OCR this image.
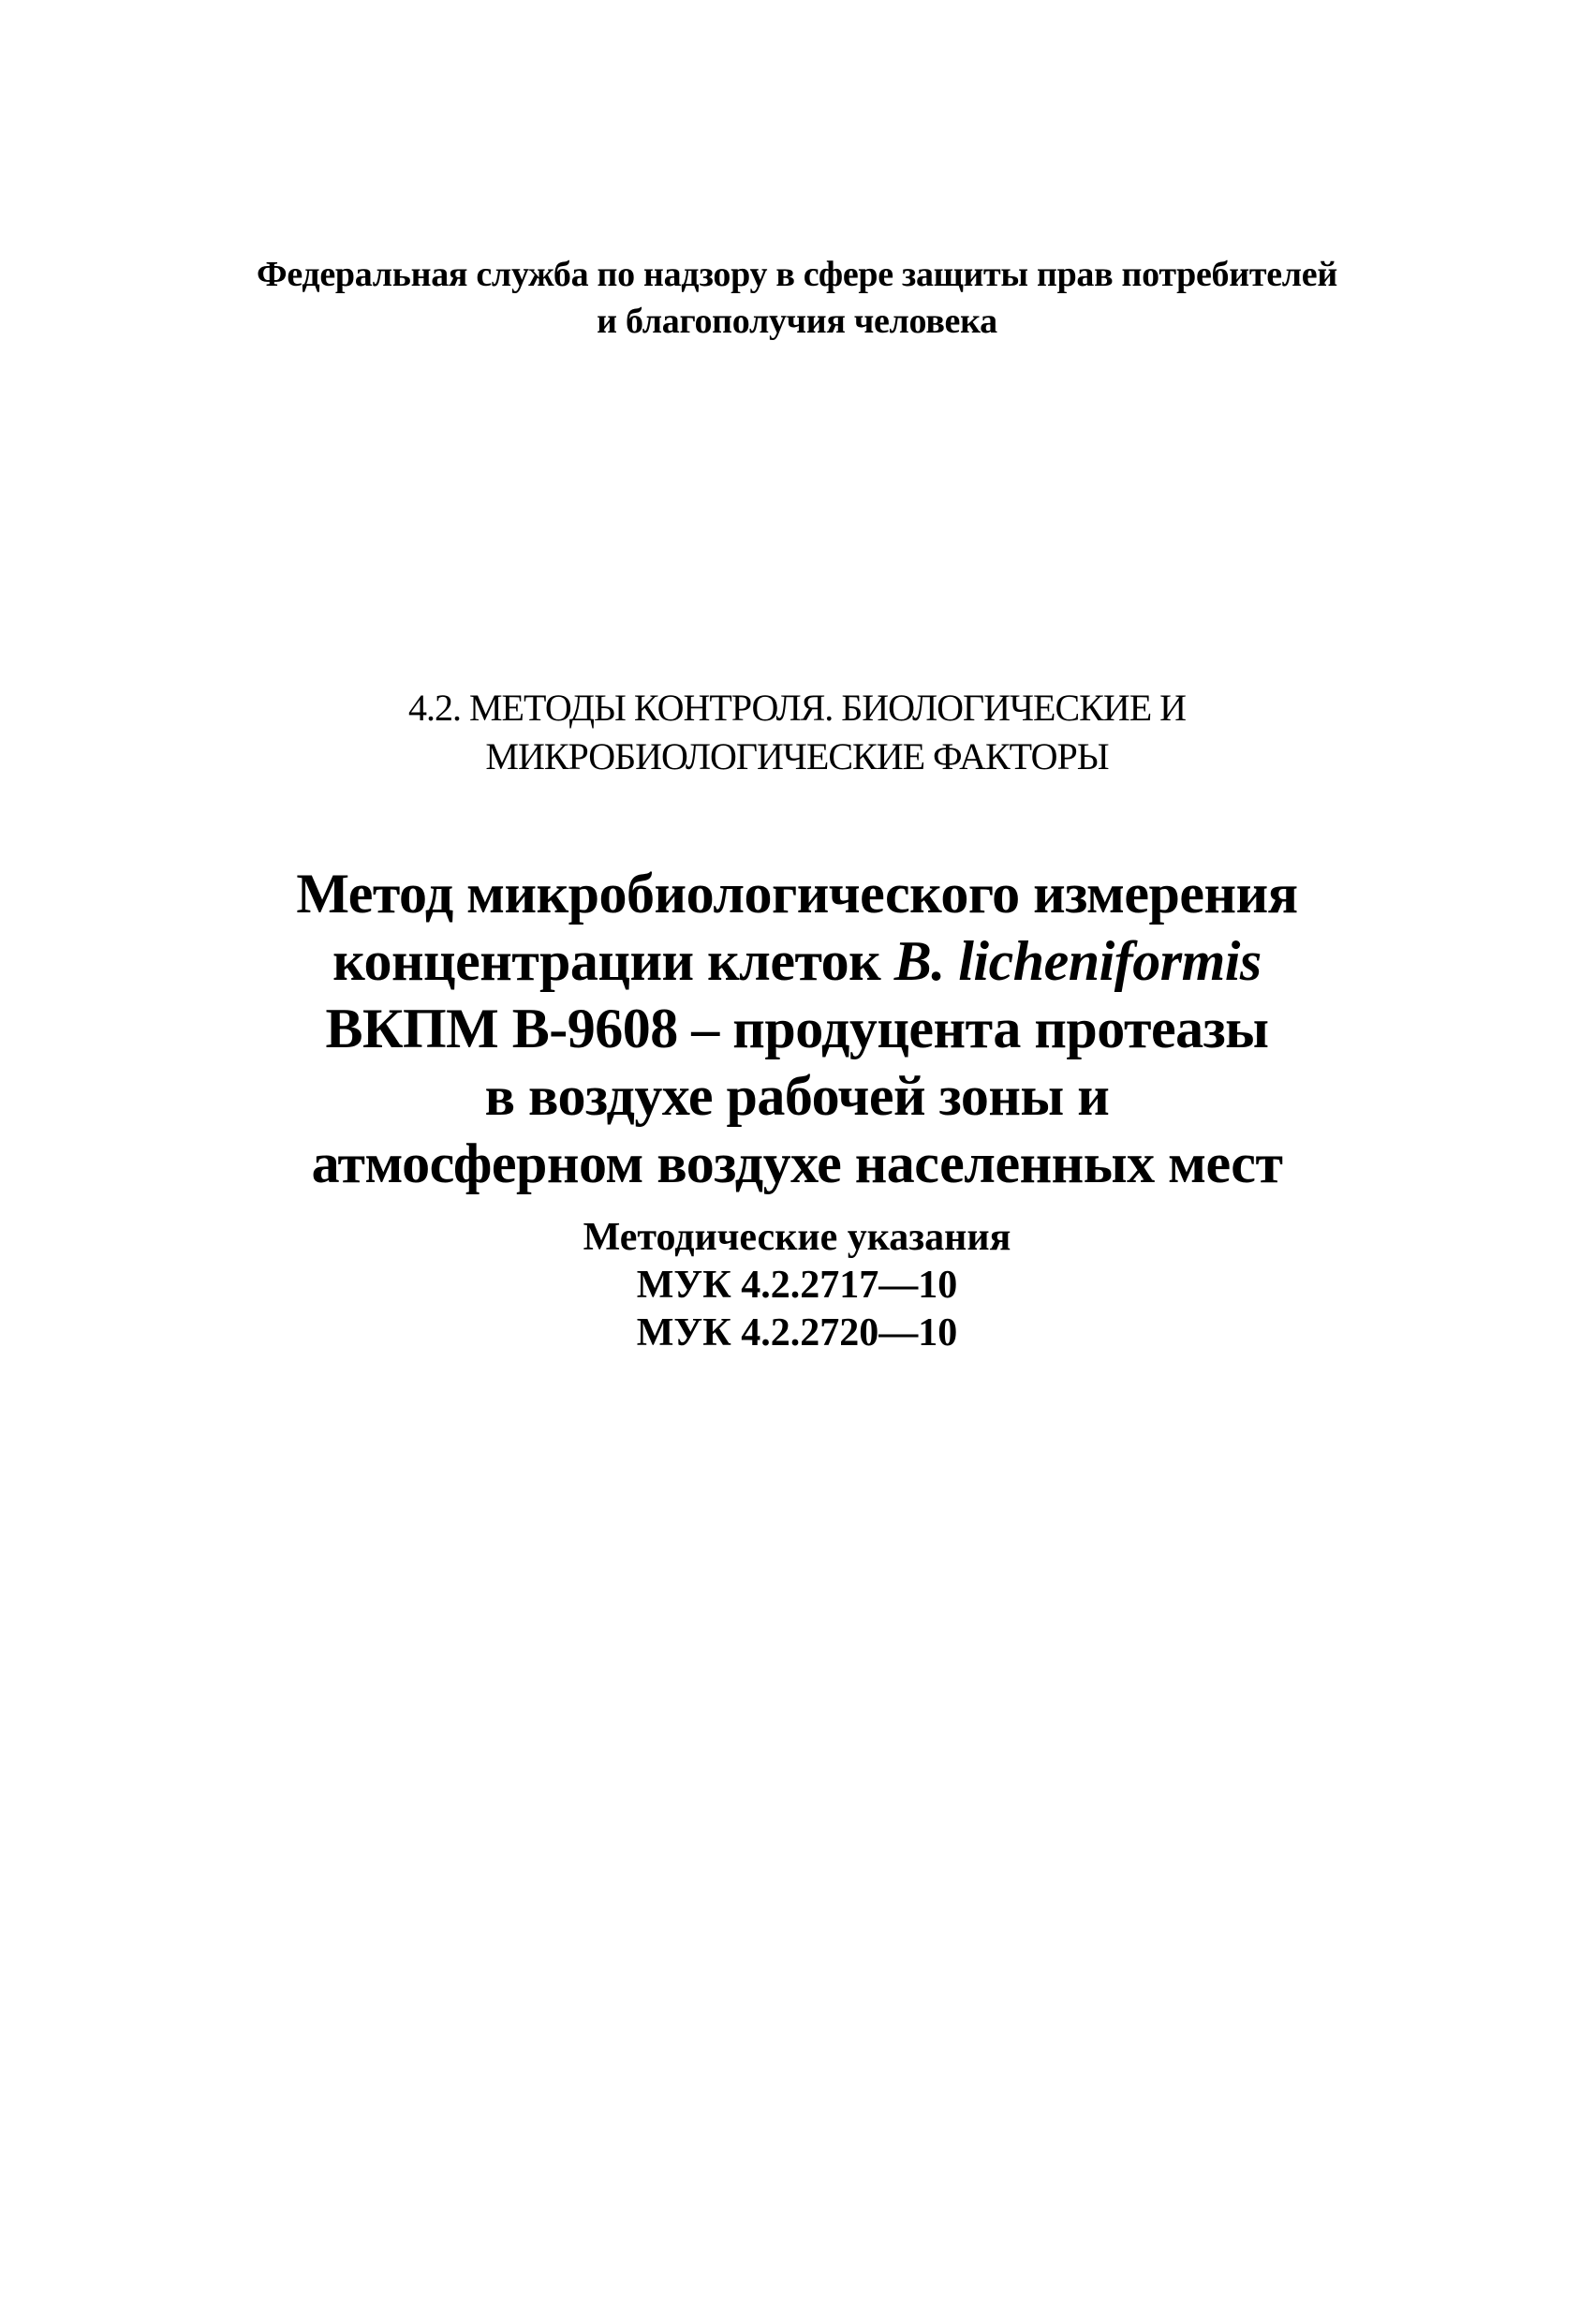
Федеральная служба по надзору в сфере защиты прав потребителей
и благополучия человека
4.2. МЕТОДЫ КОНТРОЛЯ. БИОЛОГИЧЕСКИЕ И
МИКРОБИОЛОГИЧЕСКИЕ ФАКТОРЫ
Метод микробиологического измерения
концентрации клеток B. licheniformis
ВКПМ В-9608 – продуцента протеазы
в воздухе рабочей зоны и
атмосферном воздухе населенных мест
Методические указания
МУК 4.2.2717—10
МУК 4.2.2720—10
